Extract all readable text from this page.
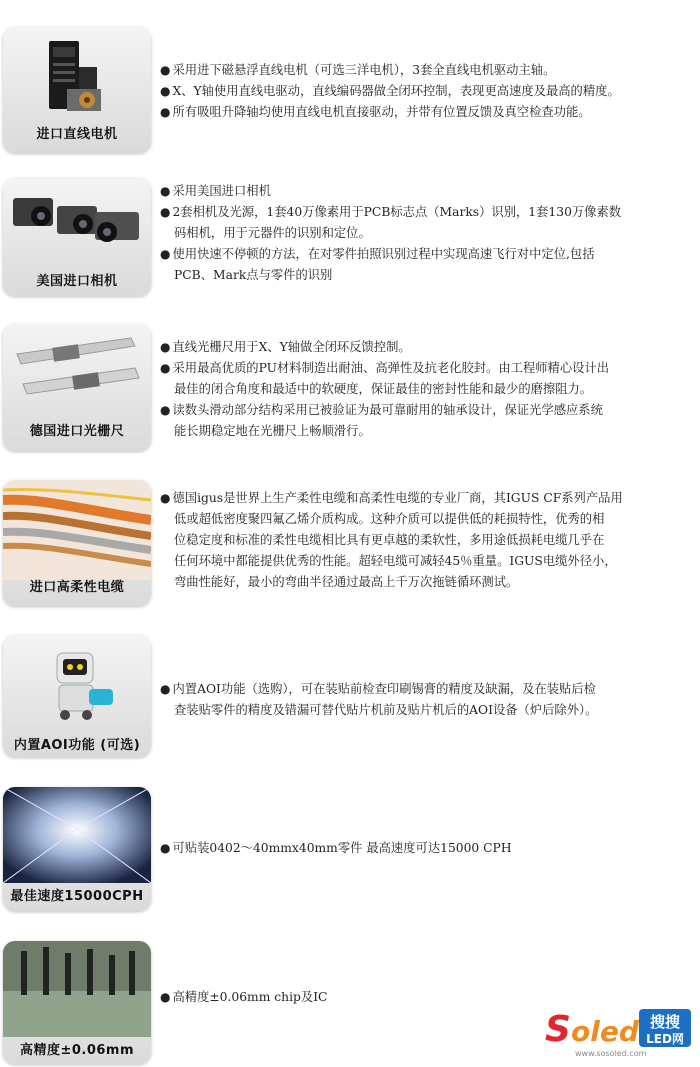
进口直线电机

● 采用进下磁悬浮直线电机（可选三洋电机），3套全直线电机驱动主轴。

● X、Y轴使用直线电驱动，直线编码器做全闭环控制，表现更高速度及最高的精度。

● 所有吸咀升降轴均使用直线电机直接驱动，并带有位置反馈及真空检查功能。

美国进口相机

● 采用美国进口相机

● 2套相机及光源，1套40万像素用于PCB标志点（Marks）识别，1套130万像素数
码相机，用于元器件的识别和定位。

● 使用快速不停顿的方法，在对零件拍照识别过程中实现高速飞行对中定位,包括
PCB、Mark点与零件的识别

德国进口光栅尺

● 直线光栅尺用于X、Y轴做全闭环反馈控制。

● 采用最高优质的PU材料制造出耐油、高弹性及抗老化胶封。由工程师精心设计出
最佳的闭合角度和最适中的软硬度，保证最佳的密封性能和最少的磨擦阻力。

● 读数头滑动部分结构采用已被验证为最可靠耐用的轴承设计，保证光学感应系统
能长期稳定地在光栅尺上畅顺滑行。

进口高柔性电缆

● 德国igus是世界上生产柔性电缆和高柔性电缆的专业厂商，其IGUS CF系列产品用
低或超低密度聚四氟乙烯介质构成。这种介质可以提供低的耗损特性，优秀的相
位稳定度和标准的柔性电缆相比具有更卓越的柔软性，多用途低损耗电缆几乎在
任何环境中都能提供优秀的性能。超轻电缆可减轻45％重量。IGUS电缆外径小，
弯曲性能好，最小的弯曲半径通过最高上千万次拖链循环测试。

内置AOI功能 (可选)

● 内置AOI功能（选购），可在装贴前检查印刷锡膏的精度及缺漏，及在装贴后检
查装贴零件的精度及错漏可替代贴片机前及贴片机后的AOI设备（炉后除外）。

最佳速度15000CPH

● 可贴装0402～40mmx40mm零件 最高速度可达15000 CPH

高精度±0.06mm

● 高精度±0.06mm chip及IC

S oled 搜搜
LED网
www.sosoled.com
